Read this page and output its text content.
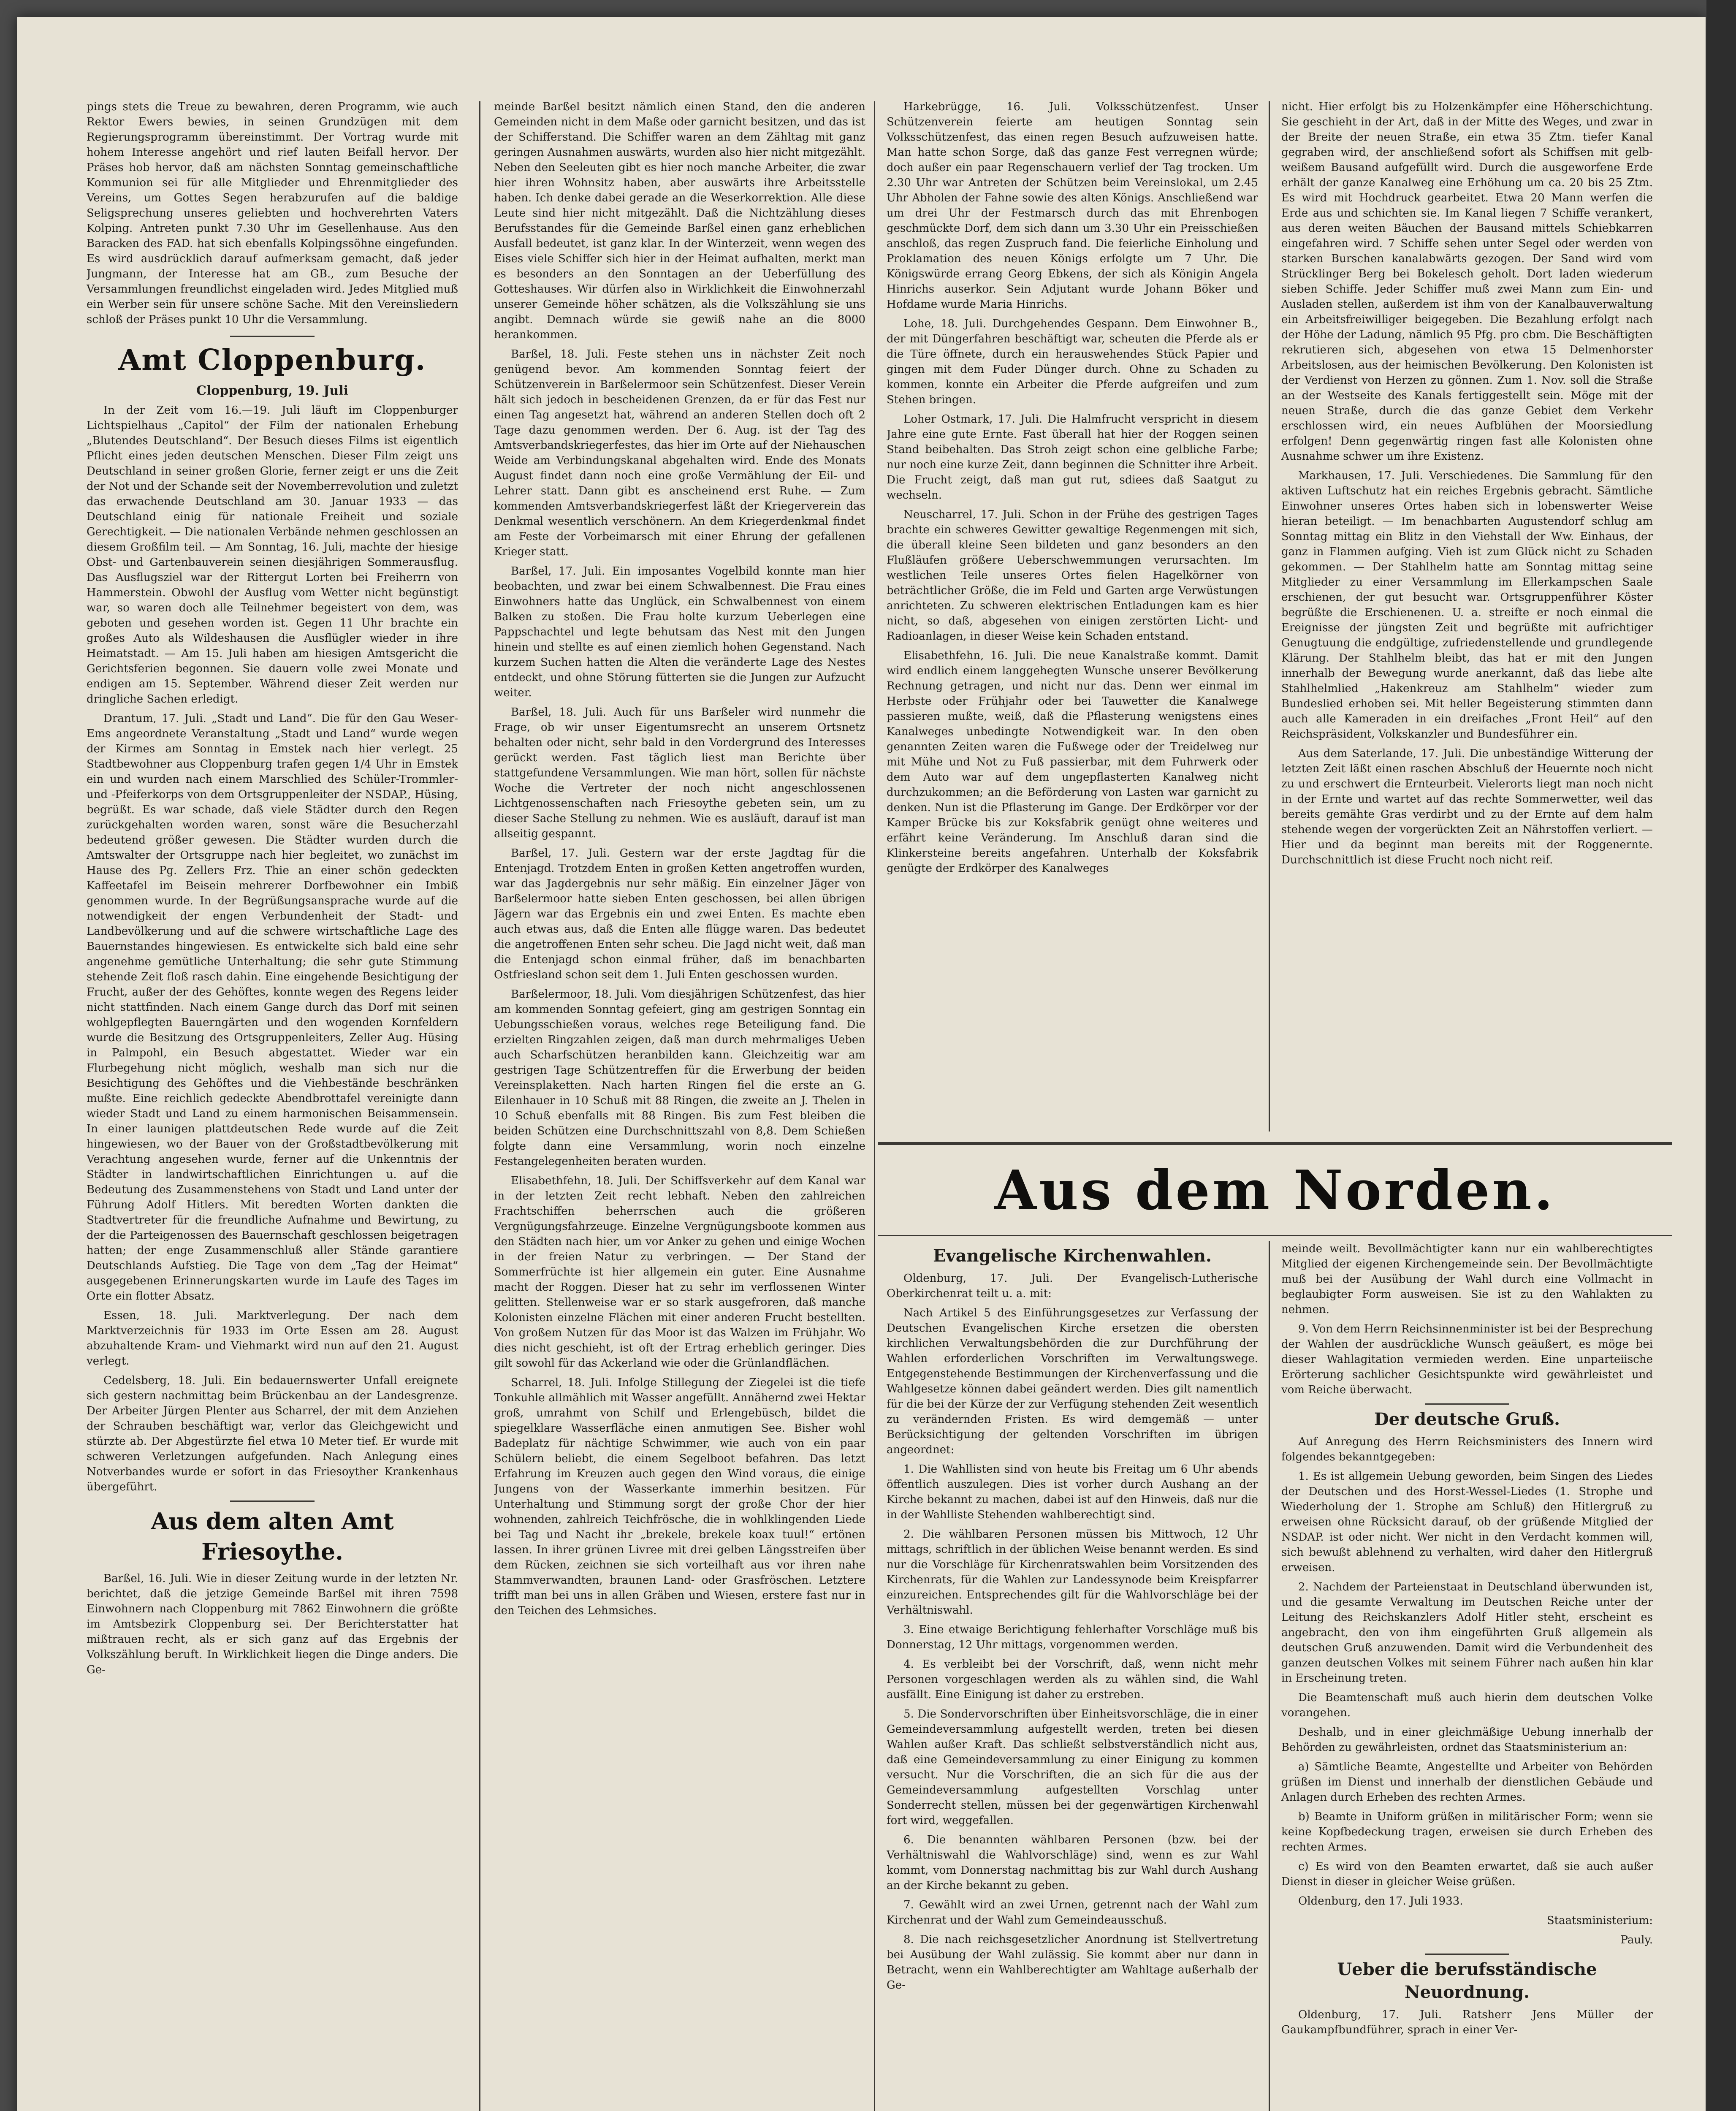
pings stets die Treue zu bewahren, deren Programm, wie auch Rektor Ewers bewies, in seinen Grundzügen mit dem Regierungsprogramm übereinstimmt. Der Vortrag wurde mit hohem Interesse angehört und rief lauten Beifall hervor. Der Präses hob hervor, daß am nächsten Sonntag gemeinschaftliche Kommunion sei für alle Mitglieder und Ehrenmitglieder des Vereins, um Gottes Segen herabzurufen auf die baldige Seligsprechung unseres geliebten und hochverehrten Vaters Kolping. Antreten punkt 7.30 Uhr im Gesellenhause. Aus den Baracken des FAD. hat sich ebenfalls Kolpingssöhne eingefunden. Es wird ausdrücklich darauf aufmerksam gemacht, daß jeder Jungmann, der Interesse hat am GB., zum Besuche der Versammlungen freundlichst eingeladen wird. Jedes Mitglied muß ein Werber sein für unsere schöne Sache. Mit den Vereinsliedern schloß der Präses punkt 10 Uhr die Versammlung.

Amt Cloppenburg.
Cloppenburg, 19. Juli

In der Zeit vom 16.—19. Juli läuft im Cloppenburger Lichtspielhaus „Capitol“ der Film der nationalen Erhebung „Blutendes Deutschland“. Der Besuch dieses Films ist eigentlich Pflicht eines jeden deutschen Menschen. Dieser Film zeigt uns Deutschland in seiner großen Glorie, ferner zeigt er uns die Zeit der Not und der Schande seit der Novemberrevolution und zuletzt das erwachende Deutschland am 30. Januar 1933 — das Deutschland einig für nationale Freiheit und soziale Gerechtigkeit. — Die nationalen Verbände nehmen geschlossen an diesem Großfilm teil. — Am Sonntag, 16. Juli, machte der hiesige Obst- und Gartenbauverein seinen diesjährigen Sommerausflug. Das Ausflugsziel war der Rittergut Lorten bei Freiherrn von Hammerstein. Obwohl der Ausflug vom Wetter nicht begünstigt war, so waren doch alle Teilnehmer begeistert von dem, was geboten und gesehen worden ist. Gegen 11 Uhr brachte ein großes Auto als Wildeshausen die Ausflügler wieder in ihre Heimatstadt. — Am 15. Juli haben am hiesigen Amtsgericht die Gerichtsferien begonnen. Sie dauern volle zwei Monate und endigen am 15. September. Während dieser Zeit werden nur dringliche Sachen erledigt.

Drantum, 17. Juli. „Stadt und Land“. Die für den Gau Weser-Ems angeordnete Veranstaltung „Stadt und Land“ wurde wegen der Kirmes am Sonntag in Emstek nach hier verlegt. 25 Stadtbewohner aus Cloppenburg trafen gegen 1/4 Uhr in Emstek ein und wurden nach einem Marschlied des Schüler-Trommler- und -Pfeiferkorps von dem Ortsgruppenleiter der NSDAP., Hüsing, begrüßt. Es war schade, daß viele Städter durch den Regen zurückgehalten worden waren, sonst wäre die Besucherzahl bedeutend größer gewesen. Die Städter wurden durch die Amtswalter der Ortsgruppe nach hier begleitet, wo zunächst im Hause des Pg. Zellers Frz. Thie an einer schön gedeckten Kaffeetafel im Beisein mehrerer Dorfbewohner ein Imbiß genommen wurde. In der Begrüßungsansprache wurde auf die notwendigkeit der engen Verbundenheit der Stadt- und Landbevölkerung und auf die schwere wirtschaftliche Lage des Bauernstandes hingewiesen. Es entwickelte sich bald eine sehr angenehme gemütliche Unterhaltung; die sehr gute Stimmung stehende Zeit floß rasch dahin. Eine eingehende Besichtigung der Frucht, außer der des Gehöftes, konnte wegen des Regens leider nicht stattfinden. Nach einem Gange durch das Dorf mit seinen wohlgepflegten Bauerngärten und den wogenden Kornfeldern wurde die Besitzung des Ortsgruppenleiters, Zeller Aug. Hüsing in Palmpohl, ein Besuch abgestattet. Wieder war ein Flurbegehung nicht möglich, weshalb man sich nur die Besichtigung des Gehöftes und die Viehbestände beschränken mußte. Eine reichlich gedeckte Abendbrottafel vereinigte dann wieder Stadt und Land zu einem harmonischen Beisammensein. In einer launigen plattdeutschen Rede wurde auf die Zeit hingewiesen, wo der Bauer von der Großstadtbevölkerung mit Verachtung angesehen wurde, ferner auf die Unkenntnis der Städter in landwirtschaftlichen Einrichtungen u. auf die Bedeutung des Zusammenstehens von Stadt und Land unter der Führung Adolf Hitlers. Mit beredten Worten dankten die Stadtvertreter für die freundliche Aufnahme und Bewirtung, zu der die Parteigenossen des Bauernschaft geschlossen beigetragen hatten; der enge Zusammenschluß aller Stände garantiere Deutschlands Aufstieg. Die Tage von dem „Tag der Heimat“ ausgegebenen Erinnerungskarten wurde im Laufe des Tages im Orte ein flotter Absatz.

Essen, 18. Juli. Marktverlegung. Der nach dem Marktverzeichnis für 1933 im Orte Essen am 28. August abzuhaltende Kram- und Viehmarkt wird nun auf den 21. August verlegt.

Cedelsberg, 18. Juli. Ein bedauernswerter Unfall ereignete sich gestern nachmittag beim Brückenbau an der Landesgrenze. Der Arbeiter Jürgen Plenter aus Scharrel, der mit dem Anziehen der Schrauben beschäftigt war, verlor das Gleichgewicht und stürzte ab. Der Abgestürzte fiel etwa 10 Meter tief. Er wurde mit schweren Verletzungen aufgefunden. Nach Anlegung eines Notverbandes wurde er sofort in das Friesoyther Krankenhaus übergeführt.

Aus dem alten Amt Friesoythe.

Barßel, 16. Juli. Wie in dieser Zeitung wurde in der letzten Nr. berichtet, daß die jetzige Gemeinde Barßel mit ihren 7598 Einwohnern nach Cloppenburg mit 7862 Einwohnern die größte im Amtsbezirk Cloppenburg sei. Der Berichterstatter hat mißtrauen recht, als er sich ganz auf das Ergebnis der Volkszählung beruft. In Wirklichkeit liegen die Dinge anders. Die Ge-

meinde Barßel besitzt nämlich einen Stand, den die anderen Gemeinden nicht in dem Maße oder garnicht besitzen, und das ist der Schifferstand. Die Schiffer waren an dem Zähltag mit ganz geringen Ausnahmen auswärts, wurden also hier nicht mitgezählt. Neben den Seeleuten gibt es hier noch manche Arbeiter, die zwar hier ihren Wohnsitz haben, aber auswärts ihre Arbeitsstelle haben. Ich denke dabei gerade an die Weserkorrektion. Alle diese Leute sind hier nicht mitgezählt. Daß die Nichtzählung dieses Berufsstandes für die Gemeinde Barßel einen ganz erheblichen Ausfall bedeutet, ist ganz klar. In der Winterzeit, wenn wegen des Eises viele Schiffer sich hier in der Heimat aufhalten, merkt man es besonders an den Sonntagen an der Ueberfüllung des Gotteshauses. Wir dürfen also in Wirklichkeit die Einwohnerzahl unserer Gemeinde höher schätzen, als die Volkszählung sie uns angibt. Demnach würde sie gewiß nahe an die 8000 herankommen.

Barßel, 18. Juli. Feste stehen uns in nächster Zeit noch genügend bevor. Am kommenden Sonntag feiert der Schützenverein in Barßelermoor sein Schützenfest. Dieser Verein hält sich jedoch in bescheidenen Grenzen, da er für das Fest nur einen Tag angesetzt hat, während an anderen Stellen doch oft 2 Tage dazu genommen werden. Der 6. Aug. ist der Tag des Amtsverbandskriegerfestes, das hier im Orte auf der Niehauschen Weide am Verbindungskanal abgehalten wird. Ende des Monats August findet dann noch eine große Vermählung der Eil- und Lehrer statt. Dann gibt es anscheinend erst Ruhe. — Zum kommenden Amtsverbandskriegerfest läßt der Kriegerverein das Denkmal wesentlich verschönern. An dem Kriegerdenkmal findet am Feste der Vorbeimarsch mit einer Ehrung der gefallenen Krieger statt.

Barßel, 17. Juli. Ein imposantes Vogelbild konnte man hier beobachten, und zwar bei einem Schwalbennest. Die Frau eines Einwohners hatte das Unglück, ein Schwalbennest von einem Balken zu stoßen. Die Frau holte kurzum Ueberlegen eine Pappschachtel und legte behutsam das Nest mit den Jungen hinein und stellte es auf einen ziemlich hohen Gegenstand. Nach kurzem Suchen hatten die Alten die veränderte Lage des Nestes entdeckt, und ohne Störung fütterten sie die Jungen zur Aufzucht weiter.

Barßel, 18. Juli. Auch für uns Barßeler wird nunmehr die Frage, ob wir unser Eigentumsrecht an unserem Ortsnetz behalten oder nicht, sehr bald in den Vordergrund des Interesses gerückt werden. Fast täglich liest man Berichte über stattgefundene Versammlungen. Wie man hört, sollen für nächste Woche die Vertreter der noch nicht angeschlossenen Lichtgenossenschaften nach Friesoythe gebeten sein, um zu dieser Sache Stellung zu nehmen. Wie es ausläuft, darauf ist man allseitig gespannt.

Barßel, 17. Juli. Gestern war der erste Jagdtag für die Entenjagd. Trotzdem Enten in großen Ketten angetroffen wurden, war das Jagdergebnis nur sehr mäßig. Ein einzelner Jäger von Barßelermoor hatte sieben Enten geschossen, bei allen übrigen Jägern war das Ergebnis ein und zwei Enten. Es machte eben auch etwas aus, daß die Enten alle flügge waren. Das bedeutet die angetroffenen Enten sehr scheu. Die Jagd nicht weit, daß man die Entenjagd schon einmal früher, daß im benachbarten Ostfriesland schon seit dem 1. Juli Enten geschossen wurden.

Barßelermoor, 18. Juli. Vom diesjährigen Schützenfest, das hier am kommenden Sonntag gefeiert, ging am gestrigen Sonntag ein Uebungsschießen voraus, welches rege Beteiligung fand. Die erzielten Ringzahlen zeigen, daß man durch mehrmaliges Ueben auch Scharfschützen heranbilden kann. Gleichzeitig war am gestrigen Tage Schützentreffen für die Erwerbung der beiden Vereinsplaketten. Nach harten Ringen fiel die erste an G. Eilenhauer in 10 Schuß mit 88 Ringen, die zweite an J. Thelen in 10 Schuß ebenfalls mit 88 Ringen. Bis zum Fest bleiben die beiden Schützen eine Durchschnittszahl von 8,8. Dem Schießen folgte dann eine Versammlung, worin noch einzelne Festangelegenheiten beraten wurden.

Elisabethfehn, 18. Juli. Der Schiffsverkehr auf dem Kanal war in der letzten Zeit recht lebhaft. Neben den zahlreichen Frachtschiffen beherrschen auch die größeren Vergnügungsfahrzeuge. Einzelne Vergnügungsboote kommen aus den Städten nach hier, um vor Anker zu gehen und einige Wochen in der freien Natur zu verbringen. — Der Stand der Sommerfrüchte ist hier allgemein ein guter. Eine Ausnahme macht der Roggen. Dieser hat zu sehr im verflossenen Winter gelitten. Stellenweise war er so stark ausgefroren, daß manche Kolonisten einzelne Flächen mit einer anderen Frucht bestellten. Von großem Nutzen für das Moor ist das Walzen im Frühjahr. Wo dies nicht geschieht, ist oft der Ertrag erheblich geringer. Dies gilt sowohl für das Ackerland wie oder die Grünlandflächen.

Scharrel, 18. Juli. Infolge Stillegung der Ziegelei ist die tiefe Tonkuhle allmählich mit Wasser angefüllt. Annähernd zwei Hektar groß, umrahmt von Schilf und Erlengebüsch, bildet die spiegelklare Wasserfläche einen anmutigen See. Bisher wohl Badeplatz für nächtige Schwimmer, wie auch von ein paar Schülern beliebt, die einem Segelboot befahren. Das letzt Erfahrung im Kreuzen auch gegen den Wind voraus, die einige Jungens von der Wasserkante immerhin besitzen. Für Unterhaltung und Stimmung sorgt der große Chor der hier wohnenden, zahlreich Teichfrösche, die in wohlklingenden Liede bei Tag und Nacht ihr „brekele, brekele koax tuul!“ ertönen lassen. In ihrer grünen Livree mit drei gelben Längsstreifen über dem Rücken, zeichnen sie sich vorteilhaft aus vor ihren nahe Stammverwandten, braunen Land- oder Grasfröschen. Letztere trifft man bei uns in allen Gräben und Wiesen, erstere fast nur in den Teichen des Lehmsiches.

Harkebrügge, 16. Juli. Volksschützenfest. Unser Schützenverein feierte am heutigen Sonntag sein Volksschützenfest, das einen regen Besuch aufzuweisen hatte. Man hatte schon Sorge, daß das ganze Fest verregnen würde; doch außer ein paar Regenschauern verlief der Tag trocken. Um 2.30 Uhr war Antreten der Schützen beim Vereinslokal, um 2.45 Uhr Abholen der Fahne sowie des alten Königs. Anschließend war um drei Uhr der Festmarsch durch das mit Ehrenbogen geschmückte Dorf, dem sich dann um 3.30 Uhr ein Preisschießen anschloß, das regen Zuspruch fand. Die feierliche Einholung und Proklamation des neuen Königs erfolgte um 7 Uhr. Die Königswürde errang Georg Ebkens, der sich als Königin Angela Hinrichs auserkor. Sein Adjutant wurde Johann Böker und Hofdame wurde Maria Hinrichs.

Lohe, 18. Juli. Durchgehendes Gespann. Dem Einwohner B., der mit Düngerfahren beschäftigt war, scheuten die Pferde als er die Türe öffnete, durch ein herauswehendes Stück Papier und gingen mit dem Fuder Dünger durch. Ohne zu Schaden zu kommen, konnte ein Arbeiter die Pferde aufgreifen und zum Stehen bringen.

Loher Ostmark, 17. Juli. Die Halmfrucht verspricht in diesem Jahre eine gute Ernte. Fast überall hat hier der Roggen seinen Stand beibehalten. Das Stroh zeigt schon eine gelbliche Farbe; nur noch eine kurze Zeit, dann beginnen die Schnitter ihre Arbeit. Die Frucht zeigt, daß man gut rut, sdiees daß Saatgut zu wechseln.

Neuscharrel, 17. Juli. Schon in der Frühe des gestrigen Tages brachte ein schweres Gewitter gewaltige Regenmengen mit sich, die überall kleine Seen bildeten und ganz besonders an den Flußläufen größere Ueberschwemmungen verursachten. Im westlichen Teile unseres Ortes fielen Hagelkörner von beträchtlicher Größe, die im Feld und Garten arge Verwüstungen anrichteten. Zu schweren elektrischen Entladungen kam es hier nicht, so daß, abgesehen von einigen zerstörten Licht- und Radioanlagen, in dieser Weise kein Schaden entstand.

Elisabethfehn, 16. Juli. Die neue Kanalstraße kommt. Damit wird endlich einem langgehegten Wunsche unserer Bevölkerung Rechnung getragen, und nicht nur das. Denn wer einmal im Herbste oder Frühjahr oder bei Tauwetter die Kanalwege passieren mußte, weiß, daß die Pflasterung wenigstens eines Kanalweges unbedingte Notwendigkeit war. In den oben genannten Zeiten waren die Fußwege oder der Treidelweg nur mit Mühe und Not zu Fuß passierbar, mit dem Fuhrwerk oder dem Auto war auf dem ungepflasterten Kanalweg nicht durchzukommen; an die Beförderung von Lasten war garnicht zu denken. Nun ist die Pflasterung im Gange. Der Erdkörper vor der Kamper Brücke bis zur Koksfabrik genügt ohne weiteres und erfährt keine Veränderung. Im Anschluß daran sind die Klinkersteine bereits angefahren. Unterhalb der Koksfabrik genügte der Erdkörper des Kanalweges

nicht. Hier erfolgt bis zu Holzenkämpfer eine Höherschichtung. Sie geschieht in der Art, daß in der Mitte des Weges, und zwar in der Breite der neuen Straße, ein etwa 35 Ztm. tiefer Kanal gegraben wird, der anschließend sofort als Schiffsen mit gelb-weißem Bausand aufgefüllt wird. Durch die ausgeworfene Erde erhält der ganze Kanalweg eine Erhöhung um ca. 20 bis 25 Ztm. Es wird mit Hochdruck gearbeitet. Etwa 20 Mann werfen die Erde aus und schichten sie. Im Kanal liegen 7 Schiffe verankert, aus deren weiten Bäuchen der Bausand mittels Schiebkarren eingefahren wird. 7 Schiffe sehen unter Segel oder werden von starken Burschen kanalabwärts gezogen. Der Sand wird vom Strücklinger Berg bei Bokelesch geholt. Dort laden wiederum sieben Schiffe. Jeder Schiffer muß zwei Mann zum Ein- und Ausladen stellen, außerdem ist ihm von der Kanalbauverwaltung ein Arbeitsfreiwilliger beigegeben. Die Bezahlung erfolgt nach der Höhe der Ladung, nämlich 95 Pfg. pro cbm. Die Beschäftigten rekrutieren sich, abgesehen von etwa 15 Delmenhorster Arbeitslosen, aus der heimischen Bevölkerung. Den Kolonisten ist der Verdienst von Herzen zu gönnen. Zum 1. Nov. soll die Straße an der Westseite des Kanals fertiggestellt sein. Möge mit der neuen Straße, durch die das ganze Gebiet dem Verkehr erschlossen wird, ein neues Aufblühen der Moorsiedlung erfolgen! Denn gegenwärtig ringen fast alle Kolonisten ohne Ausnahme schwer um ihre Existenz.

Markhausen, 17. Juli. Verschiedenes. Die Sammlung für den aktiven Luftschutz hat ein reiches Ergebnis gebracht. Sämtliche Einwohner unseres Ortes haben sich in lobenswerter Weise hieran beteiligt. — Im benachbarten Augustendorf schlug am Sonntag mittag ein Blitz in den Viehstall der Ww. Einhaus, der ganz in Flammen aufging. Vieh ist zum Glück nicht zu Schaden gekommen. — Der Stahlhelm hatte am Sonntag mittag seine Mitglieder zu einer Versammlung im Ellerkampschen Saale erschienen, der gut besucht war. Ortsgruppenführer Köster begrüßte die Erschienenen. U. a. streifte er noch einmal die Ereignisse der jüngsten Zeit und begrüßte mit aufrichtiger Genugtuung die endgültige, zufriedenstellende und grundlegende Klärung. Der Stahlhelm bleibt, das hat er mit den Jungen innerhalb der Bewegung wurde anerkannt, daß das liebe alte Stahlhelmlied „Hakenkreuz am Stahlhelm“ wieder zum Bundeslied erhoben sei. Mit heller Begeisterung stimmten dann auch alle Kameraden in ein dreifaches „Front Heil“ auf den Reichspräsident, Volkskanzler und Bundesführer ein.

Aus dem Saterlande, 17. Juli. Die unbeständige Witterung der letzten Zeit läßt einen raschen Abschluß der Heuernte noch nicht zu und erschwert die Ernteurbeit. Vielerorts liegt man noch nicht in der Ernte und wartet auf das rechte Sommerwetter, weil das bereits gemähte Gras verdirbt und zu der Ernte auf dem halm stehende wegen der vorgerückten Zeit an Nährstoffen verliert. — Hier und da beginnt man bereits mit der Roggenernte. Durchschnittlich ist diese Frucht noch nicht reif.

Aus dem Norden.
Evangelische Kirchenwahlen.

Oldenburg, 17. Juli. Der Evangelisch-Lutherische Oberkirchenrat teilt u. a. mit:

Nach Artikel 5 des Einführungsgesetzes zur Verfassung der Deutschen Evangelischen Kirche ersetzen die obersten kirchlichen Verwaltungsbehörden die zur Durchführung der Wahlen erforderlichen Vorschriften im Verwaltungswege. Entgegenstehende Bestimmungen der Kirchenverfassung und die Wahlgesetze können dabei geändert werden. Dies gilt namentlich für die bei der Kürze der zur Verfügung stehenden Zeit wesentlich zu verändernden Fristen. Es wird demgemäß — unter Berücksichtigung der geltenden Vorschriften im übrigen angeordnet:

1. Die Wahllisten sind von heute bis Freitag um 6 Uhr abends öffentlich auszulegen. Dies ist vorher durch Aushang an der Kirche bekannt zu machen, dabei ist auf den Hinweis, daß nur die in der Wahlliste Stehenden wahlberechtigt sind.

2. Die wählbaren Personen müssen bis Mittwoch, 12 Uhr mittags, schriftlich in der üblichen Weise benannt werden. Es sind nur die Vorschläge für Kirchenratswahlen beim Vorsitzenden des Kirchenrats, für die Wahlen zur Landessynode beim Kreispfarrer einzureichen. Entsprechendes gilt für die Wahlvorschläge bei der Verhältniswahl.

3. Eine etwaige Berichtigung fehlerhafter Vorschläge muß bis Donnerstag, 12 Uhr mittags, vorgenommen werden.

4. Es verbleibt bei der Vorschrift, daß, wenn nicht mehr Personen vorgeschlagen werden als zu wählen sind, die Wahl ausfällt. Eine Einigung ist daher zu erstreben.

5. Die Sondervorschriften über Einheitsvorschläge, die in einer Gemeindeversammlung aufgestellt werden, treten bei diesen Wahlen außer Kraft. Das schließt selbstverständlich nicht aus, daß eine Gemeindeversammlung zu einer Einigung zu kommen versucht. Nur die Vorschriften, die an sich für die aus der Gemeindeversammlung aufgestellten Vorschlag unter Sonderrecht stellen, müssen bei der gegenwärtigen Kirchenwahl fort wird, weggefallen.

6. Die benannten wählbaren Personen (bzw. bei der Verhältniswahl die Wahlvorschläge) sind, wenn es zur Wahl kommt, vom Donnerstag nachmittag bis zur Wahl durch Aushang an der Kirche bekannt zu geben.

7. Gewählt wird an zwei Urnen, getrennt nach der Wahl zum Kirchenrat und der Wahl zum Gemeindeausschuß.

8. Die nach reichsgesetzlicher Anordnung ist Stellvertretung bei Ausübung der Wahl zulässig. Sie kommt aber nur dann in Betracht, wenn ein Wahlberechtigter am Wahltage außerhalb der Ge-

meinde weilt. Bevollmächtigter kann nur ein wahlberechtigtes Mitglied der eigenen Kirchengemeinde sein. Der Bevollmächtigte muß bei der Ausübung der Wahl durch eine Vollmacht in beglaubigter Form ausweisen. Sie ist zu den Wahlakten zu nehmen.

9. Von dem Herrn Reichsinnenminister ist bei der Besprechung der Wahlen der ausdrückliche Wunsch geäußert, es möge bei dieser Wahlagitation vermieden werden. Eine unparteiische Erörterung sachlicher Gesichtspunkte wird gewährleistet und vom Reiche überwacht.

Der deutsche Gruß.

Auf Anregung des Herrn Reichsministers des Innern wird folgendes bekanntgegeben:

1. Es ist allgemein Uebung geworden, beim Singen des Liedes der Deutschen und des Horst-Wessel-Liedes (1. Strophe und Wiederholung der 1. Strophe am Schluß) den Hitlergruß zu erweisen ohne Rücksicht darauf, ob der grüßende Mitglied der NSDAP. ist oder nicht. Wer nicht in den Verdacht kommen will, sich bewußt ablehnend zu verhalten, wird daher den Hitlergruß erweisen.

2. Nachdem der Parteienstaat in Deutschland überwunden ist, und die gesamte Verwaltung im Deutschen Reiche unter der Leitung des Reichskanzlers Adolf Hitler steht, erscheint es angebracht, den von ihm eingeführten Gruß allgemein als deutschen Gruß anzuwenden. Damit wird die Verbundenheit des ganzen deutschen Volkes mit seinem Führer nach außen hin klar in Erscheinung treten.

Die Beamtenschaft muß auch hierin dem deutschen Volke vorangehen.

Deshalb, und in einer gleichmäßige Uebung innerhalb der Behörden zu gewährleisten, ordnet das Staatsministerium an:

a) Sämtliche Beamte, Angestellte und Arbeiter von Behörden grüßen im Dienst und innerhalb der dienstlichen Gebäude und Anlagen durch Erheben des rechten Armes.

b) Beamte in Uniform grüßen in militärischer Form; wenn sie keine Kopfbedeckung tragen, erweisen sie durch Erheben des rechten Armes.

c) Es wird von den Beamten erwartet, daß sie auch außer Dienst in dieser in gleicher Weise grüßen.

Oldenburg, den 17. Juli 1933.

Staatsministerium:

Pauly.

Ueber die berufsständische Neuordnung.

Oldenburg, 17. Juli. Ratsherr Jens Müller der Gaukampfbundführer, sprach in einer Ver-
